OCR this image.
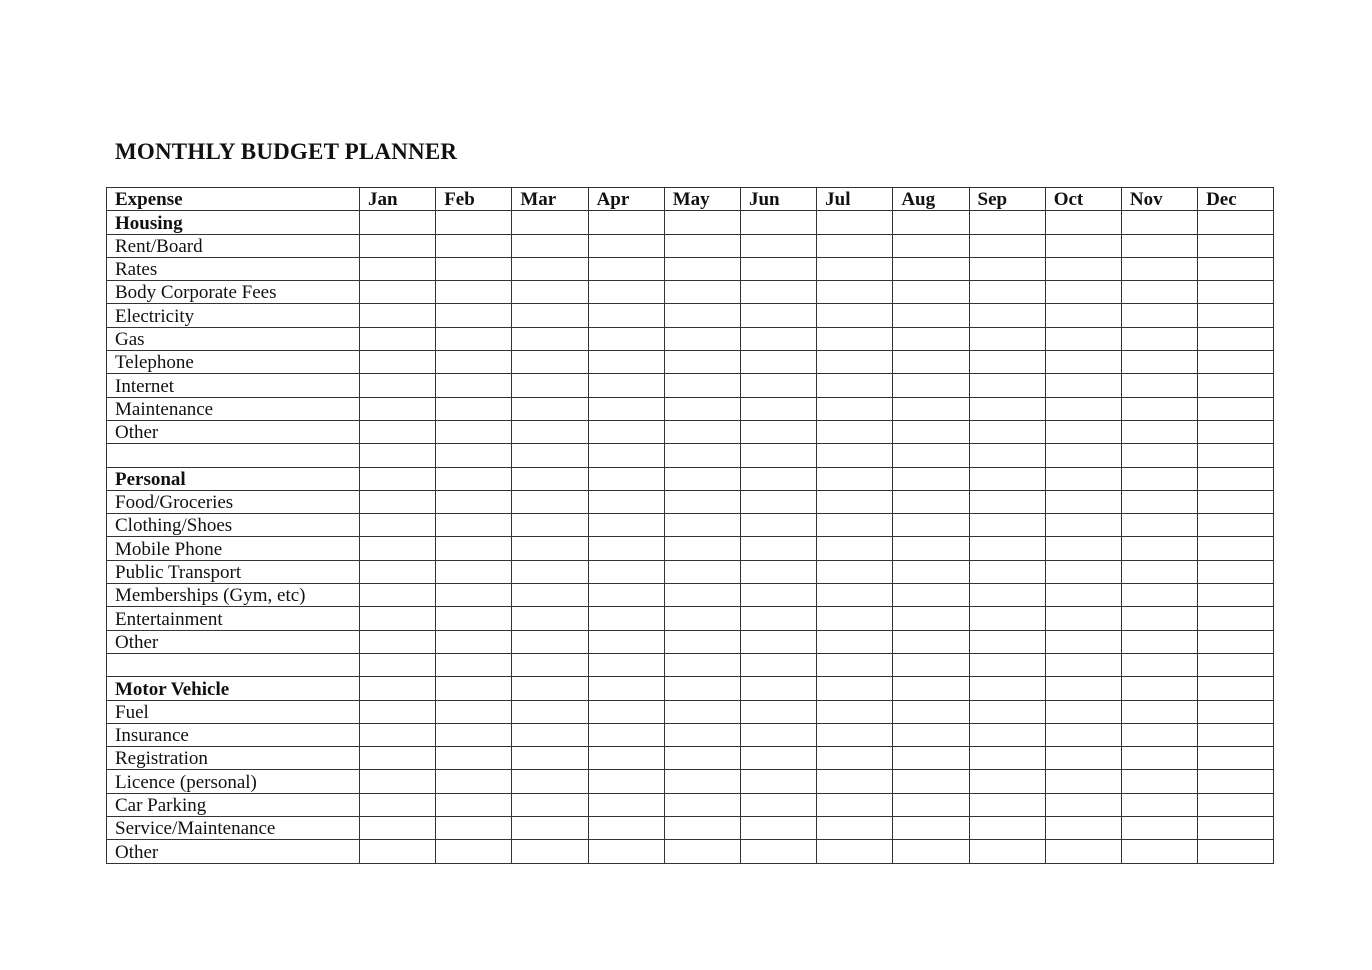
MONTHLY BUDGET PLANNER
Expense	Jan	Feb	Mar	Apr	May	Jun	Jul	Aug	Sep	Oct	Nov	Dec
Housing												
Rent/Board												
Rates												
Body Corporate Fees												
Electricity												
Gas												
Telephone												
Internet												
Maintenance												
Other												

Personal												
Food/Groceries												
Clothing/Shoes												
Mobile Phone												
Public Transport												
Memberships (Gym, etc)												
Entertainment												
Other												

Motor Vehicle												
Fuel												
Insurance												
Registration												
Licence (personal)												
Car Parking												
Service/Maintenance												
Other												
